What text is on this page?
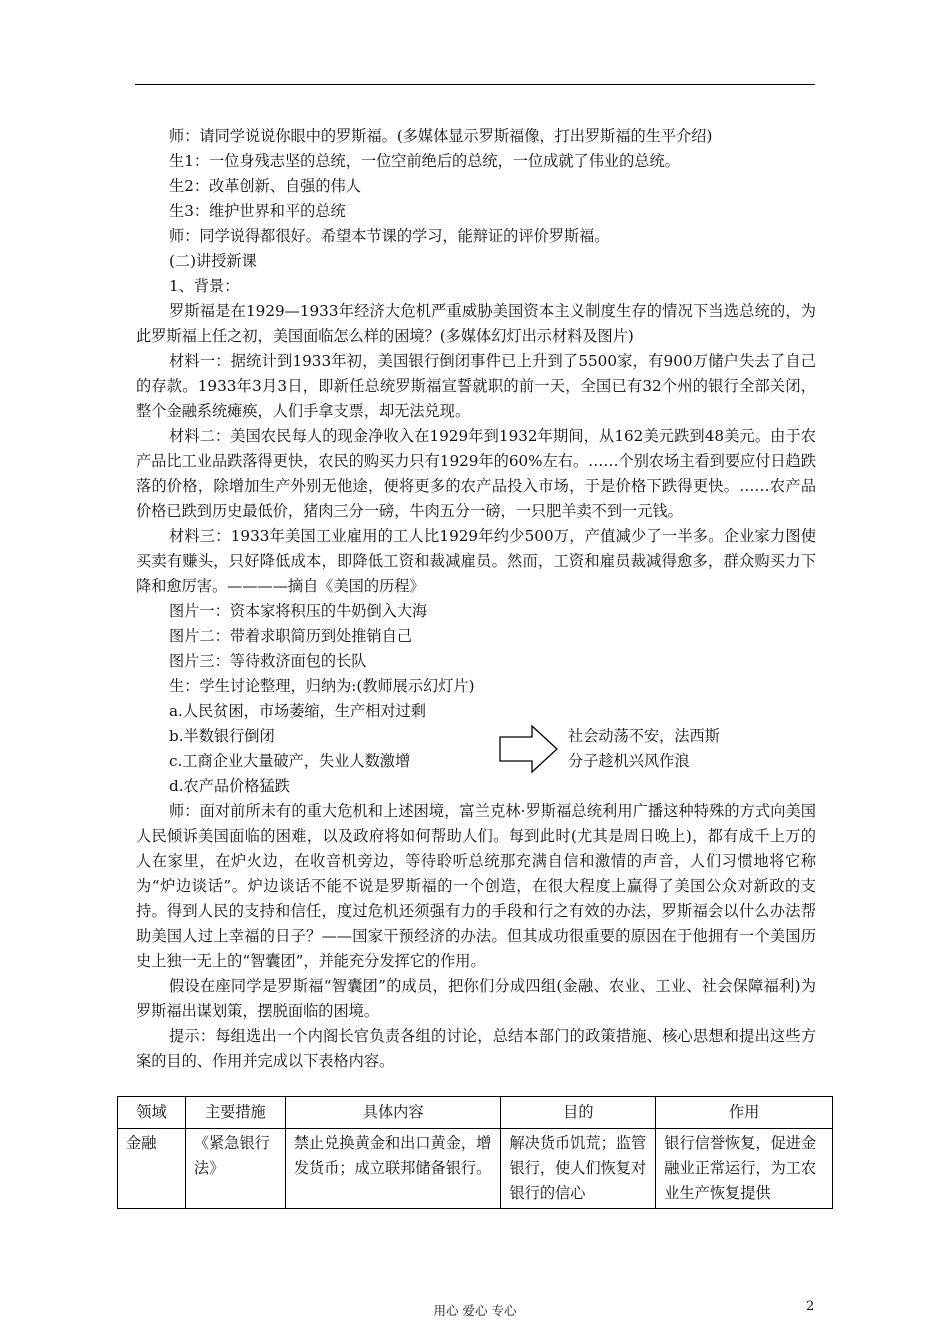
师：请同学说说你眼中的罗斯福。(多媒体显示罗斯福像，打出罗斯福的生平介绍)

生1：一位身残志坚的总统，一位空前绝后的总统，一位成就了伟业的总统。

生2：改革创新、自强的伟人

生3：维护世界和平的总统

师：同学说得都很好。希望本节课的学习，能辩证的评价罗斯福。

(二)讲授新课

1、背景：

罗斯福是在1929—1933年经济大危机严重威胁美国资本主义制度生存的情况下当选总统的，为此罗斯福上任之初，美国面临怎么样的困境？(多媒体幻灯出示材料及图片)

材料一：据统计到1933年初，美国银行倒闭事件已上升到了5500家，有900万储户失去了自己的存款。1933年3月3日，即新任总统罗斯福宣誓就职的前一天，全国已有32个州的银行全部关闭，整个金融系统瘫痪，人们手拿支票，却无法兑现。

材料二：美国农民每人的现金净收入在1929年到1932年期间，从162美元跌到48美元。由于农产品比工业品跌落得更快，农民的购买力只有1929年的60%左右。……个别农场主看到要应付日趋跌落的价格，除增加生产外别无他途，便将更多的农产品投入市场，于是价格下跌得更快。……农产品价格已跌到历史最低价，猪肉三分一磅，牛肉五分一磅，一只肥羊卖不到一元钱。

材料三：1933年美国工业雇用的工人比1929年约少500万，产值减少了一半多。企业家力图使买卖有赚头，只好降低成本，即降低工资和裁减雇员。然而，工资和雇员裁减得愈多，群众购买力下降和愈厉害。————摘自《美国的历程》

图片一：资本家将积压的牛奶倒入大海

图片二：带着求职简历到处推销自己

图片三：等待救济面包的长队

生：学生讨论整理，归纳为:(教师展示幻灯片)

a.人民贫困，市场萎缩，生产相对过剩

b.半数银行倒闭

c.工商企业大量破产，失业人数激增

d.农产品价格猛跌

社会动荡不安，法西斯
分子趁机兴风作浪

师：面对前所未有的重大危机和上述困境，富兰克林·罗斯福总统利用广播这种特殊的方式向美国人民倾诉美国面临的困难，以及政府将如何帮助人们。每到此时(尤其是周日晚上)，都有成千上万的人在家里，在炉火边，在收音机旁边，等待聆听总统那充满自信和激情的声音，人们习惯地将它称为“炉边谈话”。炉边谈话不能不说是罗斯福的一个创造，在很大程度上赢得了美国公众对新政的支持。得到人民的支持和信任，度过危机还须强有力的手段和行之有效的办法，罗斯福会以什么办法帮助美国人过上幸福的日子？——国家干预经济的办法。但其成功很重要的原因在于他拥有一个美国历史上独一无上的“智囊团”，并能充分发挥它的作用。

假设在座同学是罗斯福“智囊团”的成员，把你们分成四组(金融、农业、工业、社会保障福利)为罗斯福出谋划策，摆脱面临的困境。

提示：每组选出一个内阁长官负责各组的讨论，总结本部门的政策措施、核心思想和提出这些方案的目的、作用并完成以下表格内容。

领域	主要措施	具体内容	目的	作用
金融	《紧急银行法》	禁止兑换黄金和出口黄金，增发货币；成立联邦储备银行。	解决货币饥荒；监管银行，使人们恢复对银行的信心	银行信誉恢复，促进金融业正常运行，为工农业生产恢复提供
用心 爱心 专心	2
